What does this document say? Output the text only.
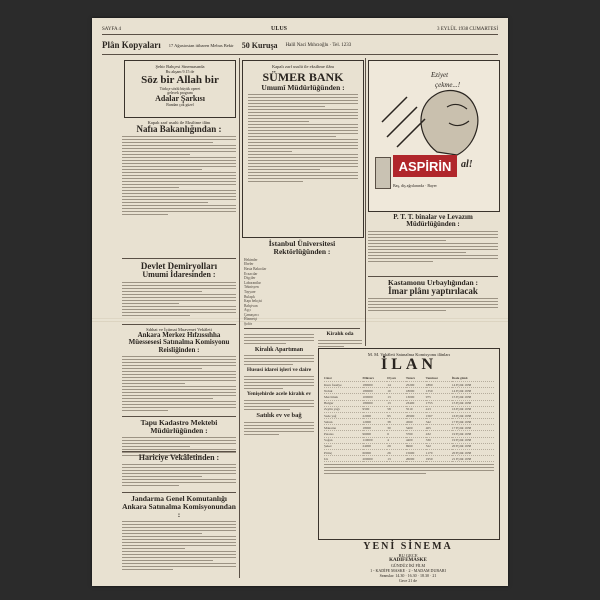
SAYFA 4	ULUS	3 EYLÜL 1938 CUMARTESİ
Plân Kopyaları 17 Ağustostan itibaren Mebus Bekir 50 Kuruşa Halil Naci Mıhcıoğlu · Tel. 1233
Şehir Bahçesi Sinemasında
Bu akşam 9.15 de
Söz bir Allah bir
Türkçe sözlü büyük operet
gelecek program
Adalar Şarkısı
Bundan çok güzel
Kapalı zarf usulü ile Eksiltme ilânı
Nafıa Bakanlığından :
Devlet Demiryolları
Umumi İdaresinden :
Sıhhat ve İçtimai Muavenet Vekâleti
Ankara Merkez Hıfzıssıhha Müessesesi Satınalma Komisyonu Reisliğinden :
Tapu Kadastro Mektebi Müdürlüğünden :
Hariciye Vekâletinden :
Jandarma Genel Komutanlığı Ankara Satınalma Komisyonundan :
Kapalı zarf usulü ile eksiltme ilânı
SÜMER BANK
Umumî Müdürlüğünden :
İstanbul Üniversitesi Rektörlüğünden :
Hekimler
Ebeler
Hasta Bakıcılar
Eczacılar
Dişçiler
Laborantlar
Teknisyen
Tayyare
Bulaşık
Kapı bekçisi
Bahçivan
Aşçı
Çamaşırcı
Hizmetçi
Şoför
Kiralık Apartıman
Hususi idarei işleri ve daire
Yenişehirde acele kiralık ev
Satılık ev ve bağ
Kiralık oda
Eziyet
çekme...!
ASPİRİN al!
Baş, diş ağrılarında · Bayer
P. T. T. binalar ve Levazım Müdürlüğünden :
Kastamonu Urbaylığından :
İmar plânı yaptırılacak
M. M. Vekâleti Satınalma Komisyonu ilânları
İLAN
Cinsi	Miktarı	Fiyatı	Tutarı	Teminat	İhale günü
Kuru fasulye	180000	14	25200	1890	14 Eylül 1938
Nohut	180000	10	18000	1350	14 Eylül 1938
Mercimek	100000	13	13000	975	15 Eylül 1938
Bulgur	180000	13	23400	1755	15 Eylül 1938
Zeytin yağı	9500	58	5510	413	16 Eylül 1938
Sade yağ	22000	95	20900	1567	16 Eylül 1938
Sabun	12000	38	4560	342	17 Eylül 1938
Makarna	18000	30	5400	405	17 Eylül 1938
Patates	96000	6	5760	432	19 Eylül 1938
Soğan	110000	4	4400	330	19 Eylül 1938
Şeker	24000	29	6960	522	20 Eylül 1938
Pirinç	60000	26	15600	1170	20 Eylül 1938
Un	200000	13	26000	1950	21 Eylül 1938
YENİ SİNEMA
BU GECE
KADIFEMASKE
GÜNDÜZ İKİ FİLM
1 - KADİFE MASKE · 2 - MADAM DUBARI
Seanslar: 14.30 · 16.30 · 18.30 · 21
Gece 21 de
